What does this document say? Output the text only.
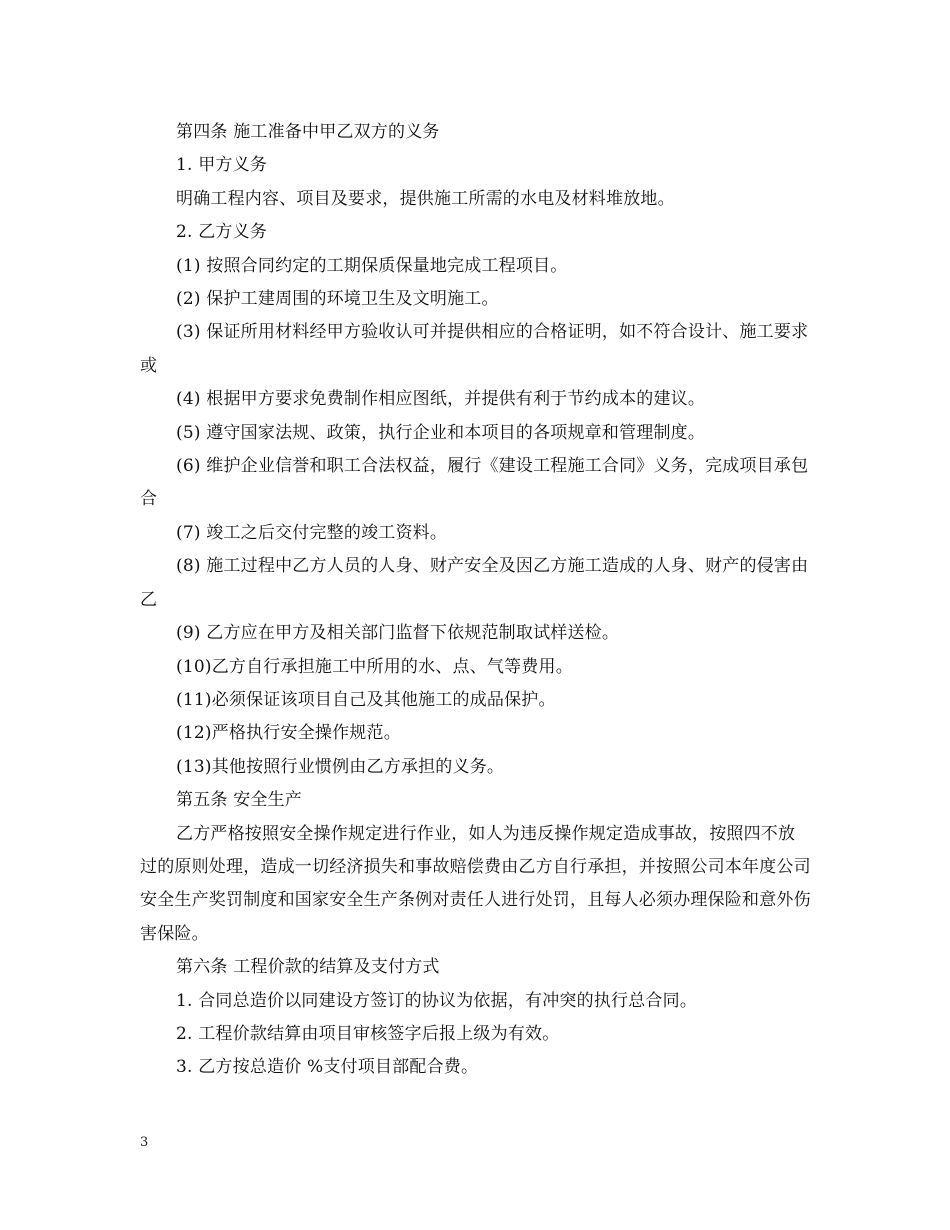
第四条 施工准备中甲乙双方的义务

1. 甲方义务

明确工程内容、项目及要求，提供施工所需的水电及材料堆放地。

2. 乙方义务

(1) 按照合同约定的工期保质保量地完成工程项目。

(2) 保护工建周围的环境卫生及文明施工。

(3) 保证所用材料经甲方验收认可并提供相应的合格证明，如不符合设计、施工要求或

(4) 根据甲方要求免费制作相应图纸，并提供有利于节约成本的建议。

(5) 遵守国家法规、政策，执行企业和本项目的各项规章和管理制度。

(6) 维护企业信誉和职工合法权益，履行《建设工程施工合同》义务，完成项目承包合

(7) 竣工之后交付完整的竣工资料。

(8) 施工过程中乙方人员的人身、财产安全及因乙方施工造成的人身、财产的侵害由乙

(9) 乙方应在甲方及相关部门监督下依规范制取试样送检。

(10)乙方自行承担施工中所用的水、点、气等费用。

(11)必须保证该项目自己及其他施工的成品保护。

(12)严格执行安全操作规范。

(13)其他按照行业惯例由乙方承担的义务。

第五条 安全生产

乙方严格按照安全操作规定进行作业，如人为违反操作规定造成事故，按照四不放过的原则处理，造成一切经济损失和事故赔偿费由乙方自行承担，并按照公司本年度公司安全生产奖罚制度和国家安全生产条例对责任人进行处罚，且每人必须办理保险和意外伤害保险。

第六条 工程价款的结算及支付方式

1. 合同总造价以同建设方签订的协议为依据，有冲突的执行总合同。

2. 工程价款结算由项目审核签字后报上级为有效。

3. 乙方按总造价 %支付项目部配合费。

3
